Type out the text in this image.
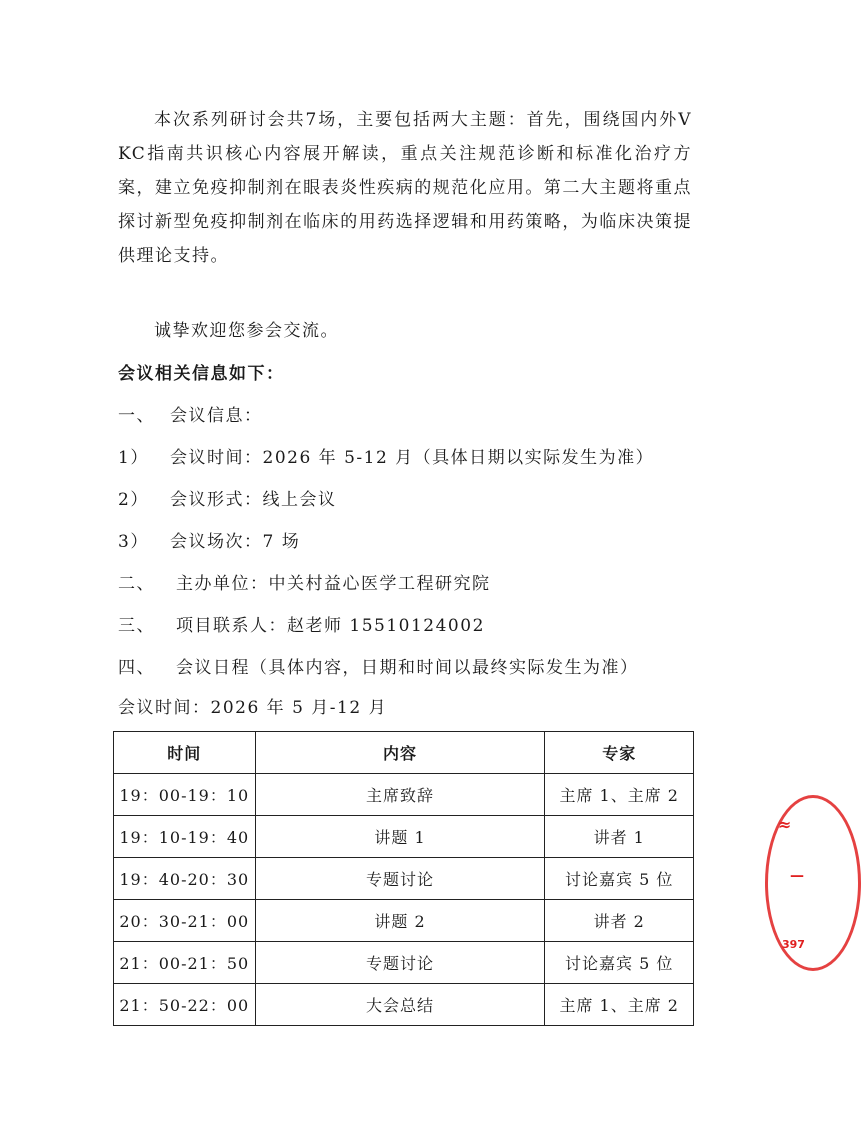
本次系列研讨会共7场，主要包括两大主题：首先，围绕国内外VKC指南共识核心内容展开解读，重点关注规范诊断和标准化治疗方案，建立免疫抑制剂在眼表炎性疾病的规范化应用。第二大主题将重点探讨新型免疫抑制剂在临床的用药选择逻辑和用药策略，为临床决策提供理论支持。
诚挚欢迎您参会交流。
会议相关信息如下：
一、 会议信息：
1） 会议时间：2026 年 5-12 月（具体日期以实际发生为准）
2） 会议形式：线上会议
3） 会议场次：7 场
二、 主办单位：中关村益心医学工程研究院
三、 项目联系人：赵老师 15510124002
四、 会议日程（具体内容，日期和时间以最终实际发生为准）
会议时间：2026 年 5 月-12 月
时间	内容	专家
19：00-19：10	主席致辞	主席 1、主席 2
19：10-19：40	讲题 1	讲者 1
19：40-20：30	专题讨论	讨论嘉宾 5 位
20：30-21：00	讲题 2	讲者 2
21：00-21：50	专题讨论	讨论嘉宾 5 位
21：50-22：00	大会总结	主席 1、主席 2
≈
—
397
